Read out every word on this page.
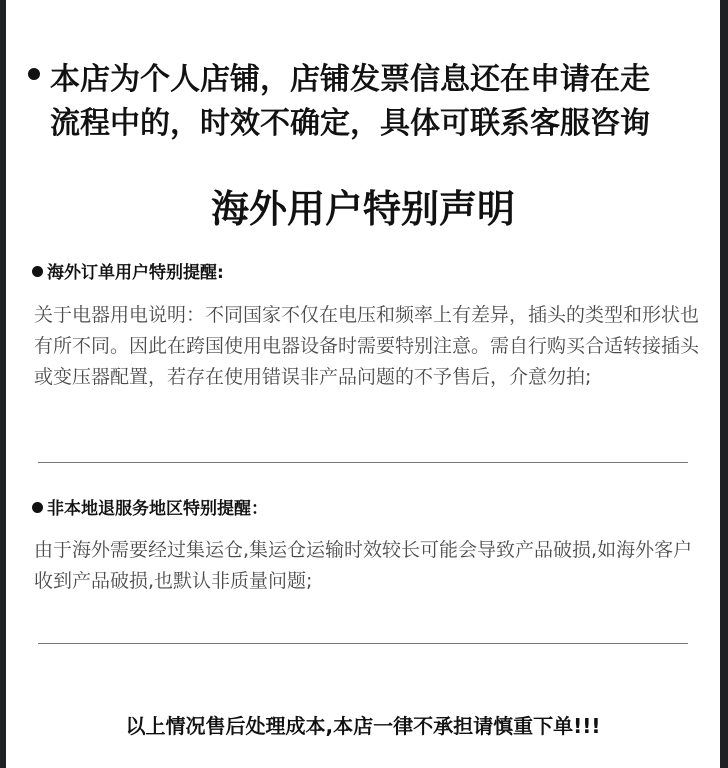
本店为个人店铺，店铺发票信息还在申请在走
流程中的，时效不确定，具体可联系客服咨询
海外用户特别声明
海外订单用户特别提醒:
关于电器用电说明：不同国家不仅在电压和频率上有差异，插头的类型和形状也有所不同。因此在跨国使用电器设备时需要特别注意。需自行购买合适转接插头或变压器配置，若存在使用错误非产品问题的不予售后，介意勿拍;
非本地退服务地区特别提醒：
由于海外需要经过集运仓,集运仓运输时效较长可能会导致产品破损,如海外客户收到产品破损,也默认非质量问题;
以上情况售后处理成本,本店一律不承担请慎重下单!!!
